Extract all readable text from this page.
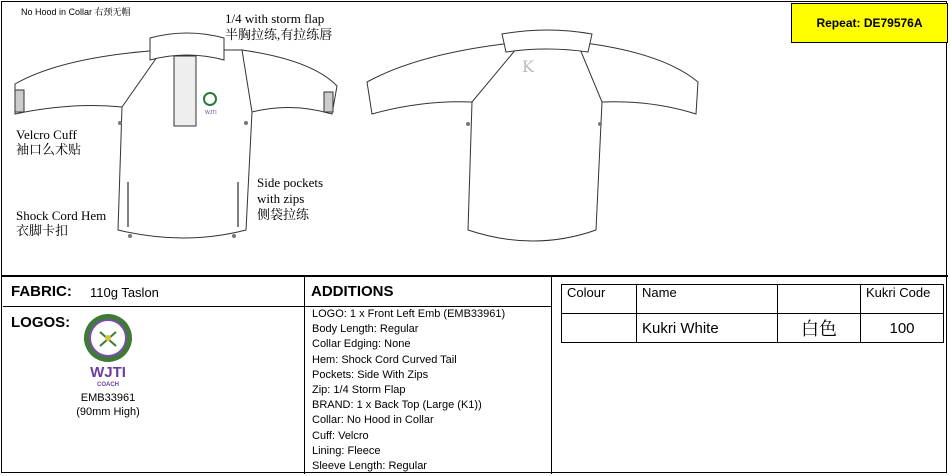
No Hood in Collar 右颈无帽
Repeat: DE79576A
WJTI
K
1/4 with storm flap
半胸拉练,有拉练唇
Velcro Cuff
袖口么术贴
Shock Cord Hem
衣脚卡扣
Side pockets
with zips
侧袋拉练
FABRIC: 110g Taslon
LOGOS:
WJTI
COACH
EMB33961
(90mm High)
ADDITIONS
LOGO: 1 x Front Left Emb (EMB33961)
Body Length: Regular
Collar Edging: None
Hem: Shock Cord Curved Tail
Pockets: Side With Zips
Zip: 1/4 Storm Flap
BRAND: 1 x Back Top (Large (K1))
Collar: No Hood in Collar
Cuff: Velcro
Lining: Fleece
Sleeve Length: Regular
Colour	Name		Kukri Code
	Kukri White	白色	100
